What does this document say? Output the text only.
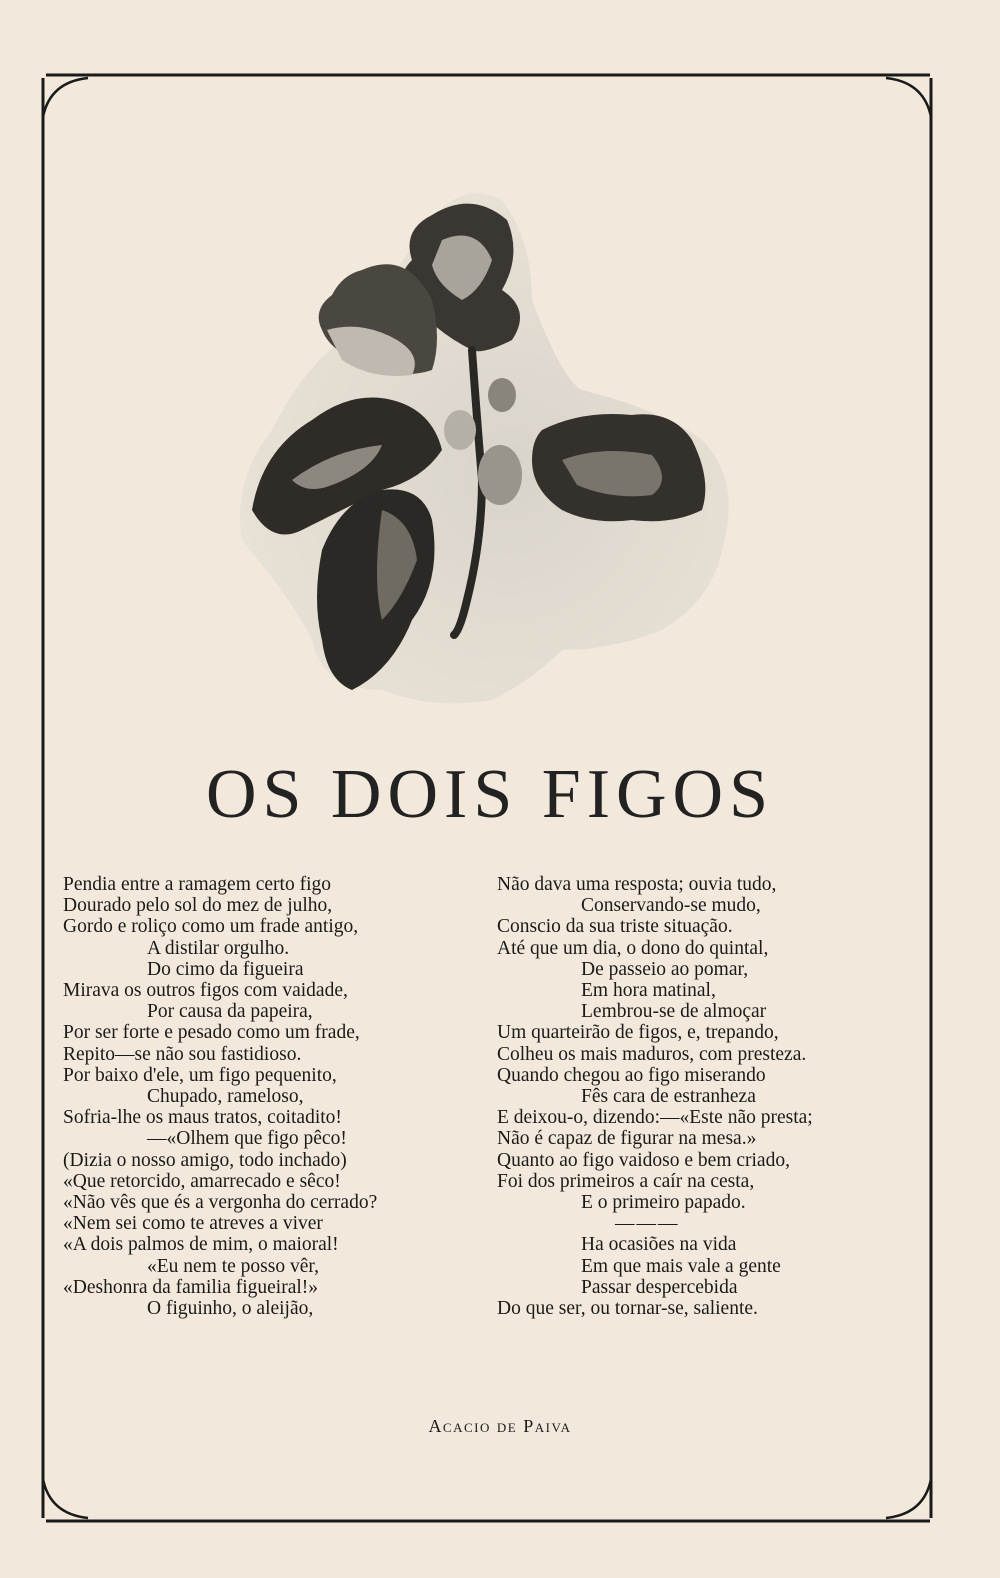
OS DOIS FIGOS
Pendia entre a ramagem certo figo
Dourado pelo sol do mez de julho,
Gordo e roliço como um frade antigo,
A distilar orgulho.
Do cimo da figueira
Mirava os outros figos com vaidade,
Por causa da papeira,
Por ser forte e pesado como um frade,
Repito—se não sou fastidioso.
Por baixo d'ele, um figo pequenito,
Chupado, rameloso,
Sofria-lhe os maus tratos, coitadito!
—«Olhem que figo pêco!
(Dizia o nosso amigo, todo inchado)
«Que retorcido, amarrecado e sêco!
«Não vês que és a vergonha do cerrado?
«Nem sei como te atreves a viver
«A dois palmos de mim, o maioral!
«Eu nem te posso vêr,
«Deshonra da familia figueiral!»
O figuinho, o aleijão,
Não dava uma resposta; ouvia tudo,
Conservando-se mudo,
Conscio da sua triste situação.
Até que um dia, o dono do quintal,
De passeio ao pomar,
Em hora matinal,
Lembrou-se de almoçar
Um quarteirão de figos, e, trepando,
Colheu os mais maduros, com presteza.
Quando chegou ao figo miserando
Fês cara de estranheza
E deixou-o, dizendo:—«Este não presta;
Não é capaz de figurar na mesa.»
Quanto ao figo vaidoso e bem criado,
Foi dos primeiros a caír na cesta,
E o primeiro papado.
———
Ha ocasiões na vida
Em que mais vale a gente
Passar despercebida
Do que ser, ou tornar-se, saliente.
Acacio de Paiva
